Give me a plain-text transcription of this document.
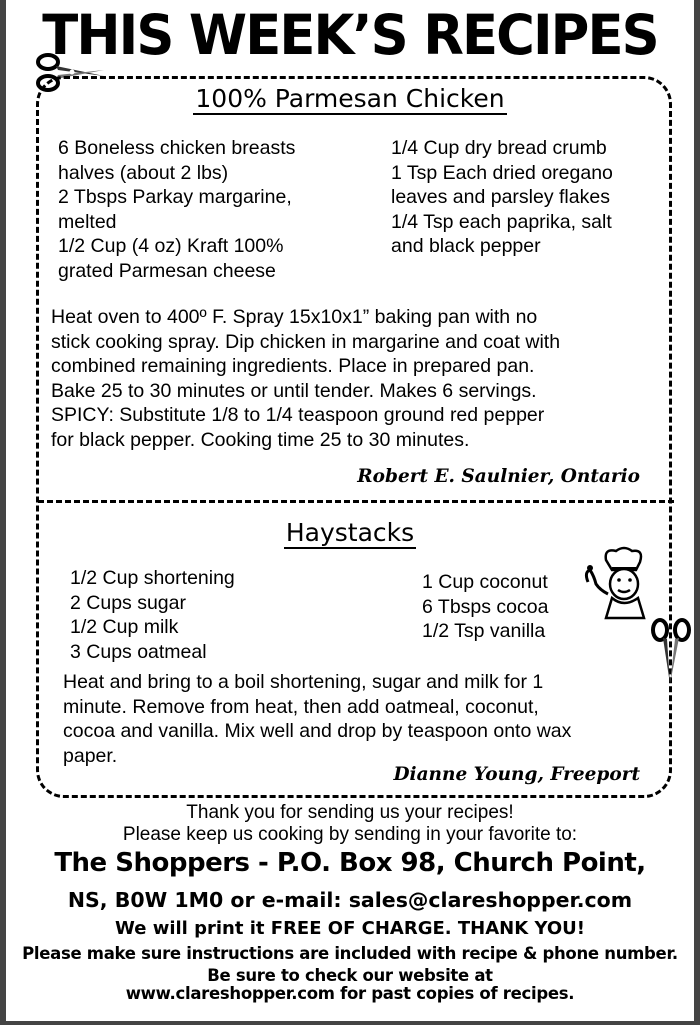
THIS WEEK’S RECIPES
100% Parmesan Chicken
6 Boneless chicken breasts
halves (about 2 lbs)
2 Tbsps Parkay margarine,
melted
1/2 Cup (4 oz) Kraft 100%
grated Parmesan cheese
1/4 Cup dry bread crumb
1 Tsp Each dried oregano
leaves and parsley flakes
1/4 Tsp each paprika, salt
and black pepper
Heat oven to 400º F. Spray 15x10x1” baking pan with no
stick cooking spray. Dip chicken in margarine and coat with
combined remaining ingredients. Place in prepared pan.
Bake 25 to 30 minutes or until tender. Makes 6 servings.
SPICY: Substitute 1/8 to 1/4 teaspoon ground red pepper
for black pepper. Cooking time 25 to 30 minutes.
Robert E. Saulnier, Ontario
Haystacks
1/2 Cup shortening
2 Cups sugar
1/2 Cup milk
3 Cups oatmeal
1 Cup coconut
6 Tbsps cocoa
1/2 Tsp vanilla
Heat and bring to a boil shortening, sugar and milk for 1
minute. Remove from heat, then add oatmeal, coconut,
cocoa and vanilla. Mix well and drop by teaspoon onto wax
paper.
Dianne Young, Freeport
Thank you for sending us your recipes!
Please keep us cooking by sending in your favorite to:
The Shoppers - P.O. Box 98, Church Point,
NS, B0W 1M0 or e-mail: sales@clareshopper.com
We will print it FREE OF CHARGE. THANK YOU!
Please make sure instructions are included with recipe & phone number.
Be sure to check our website at
www.clareshopper.com for past copies of recipes.
